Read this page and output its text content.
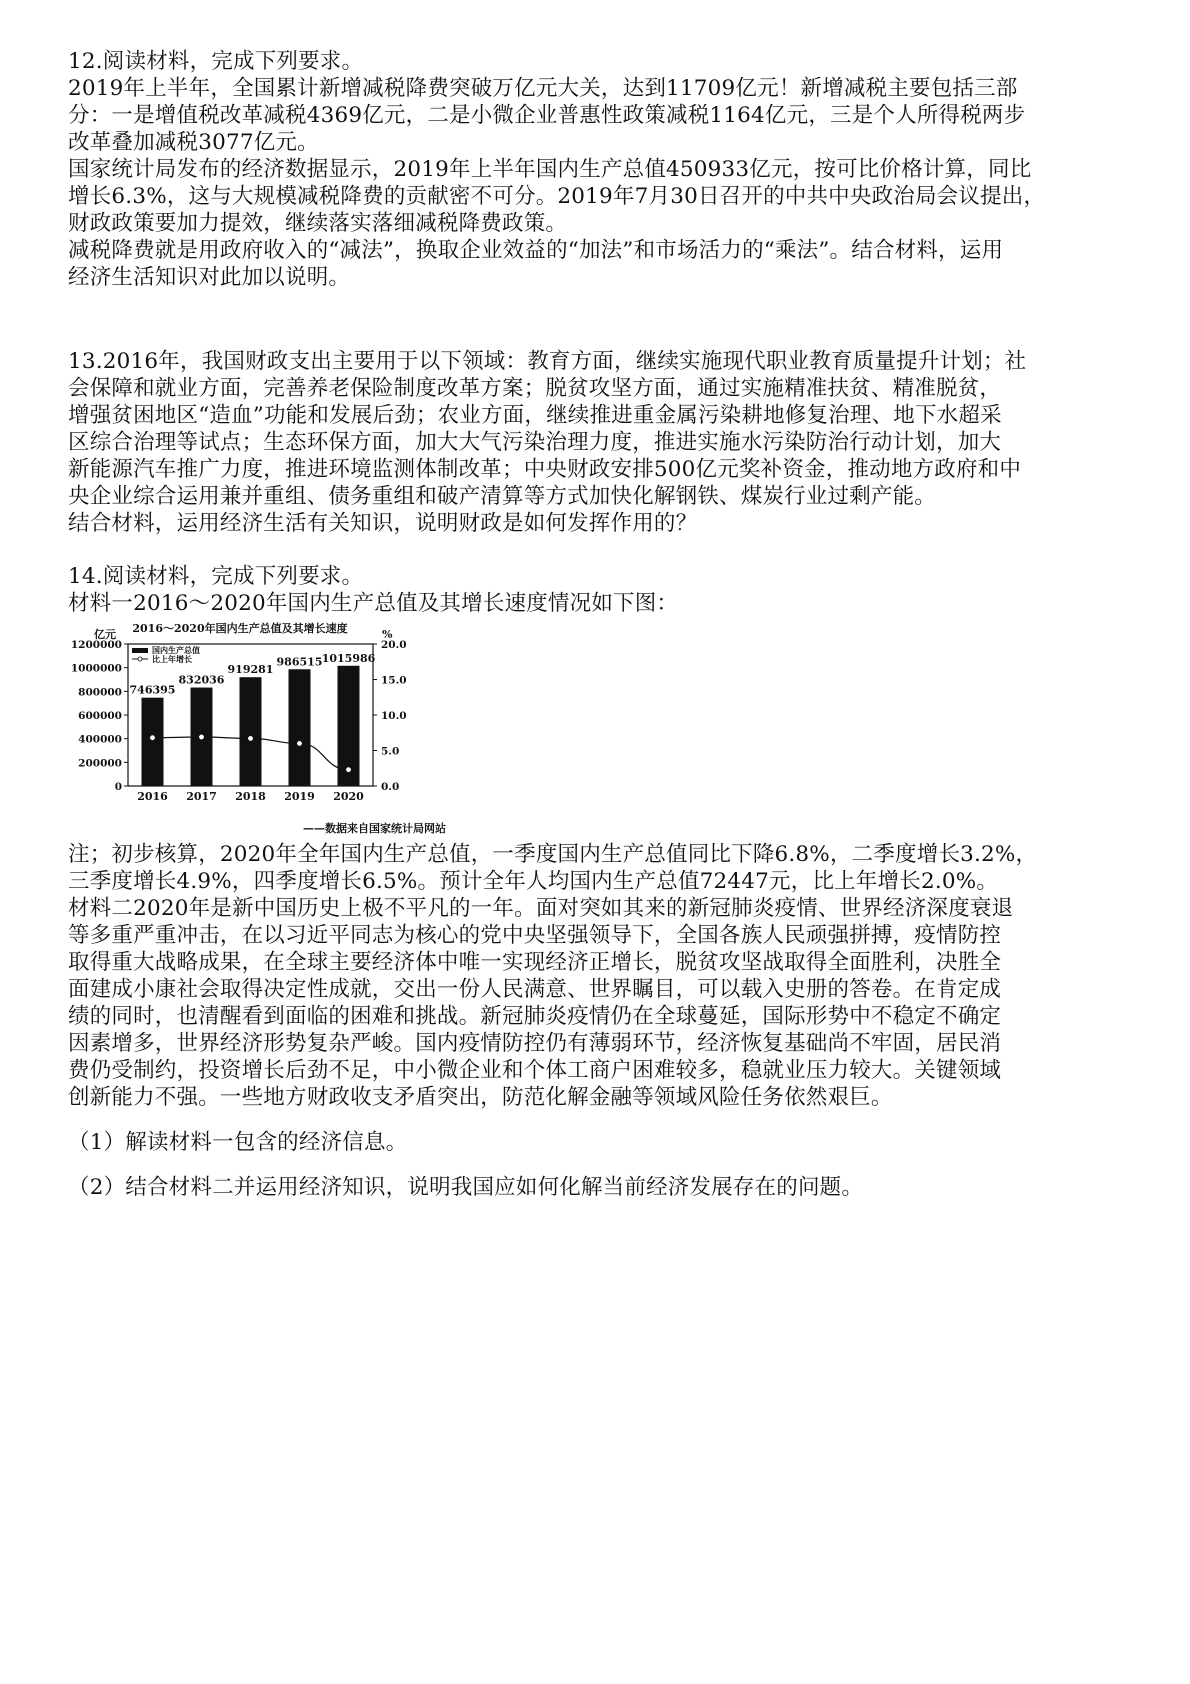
12.阅读材料，完成下列要求。
2019年上半年，全国累计新增减税降费突破万亿元大关，达到11709亿元！新增减税主要包括三部
分：一是增值税改革减税4369亿元，二是小微企业普惠性政策减税1164亿元，三是个人所得税两步
改革叠加减税3077亿元。
国家统计局发布的经济数据显示，2019年上半年国内生产总值450933亿元，按可比价格计算，同比
增长6.3%，这与大规模减税降费的贡献密不可分。2019年7月30日召开的中共中央政治局会议提出，
财政政策要加力提效，继续落实落细减税降费政策。
减税降费就是用政府收入的“减法”，换取企业效益的“加法”和市场活力的“乘法”。结合材料，运用
经济生活知识对此加以说明。
13.2016年，我国财政支出主要用于以下领域：教育方面，继续实施现代职业教育质量提升计划；社
会保障和就业方面，完善养老保险制度改革方案；脱贫攻坚方面，通过实施精准扶贫、精准脱贫，
增强贫困地区“造血”功能和发展后劲；农业方面，继续推进重金属污染耕地修复治理、地下水超采
区综合治理等试点；生态环保方面，加大大气污染治理力度，推进实施水污染防治行动计划，加大
新能源汽车推广力度，推进环境监测体制改革；中央财政安排500亿元奖补资金，推动地方政府和中
央企业综合运用兼并重组、债务重组和破产清算等方式加快化解钢铁、煤炭行业过剩产能。
结合材料，运用经济生活有关知识，说明财政是如何发挥作用的？
14.阅读材料，完成下列要求。
材料一2016～2020年国内生产总值及其增长速度情况如下图：
2016～2020年国内生产总值及其增长速度
亿元	%
0
200000
400000
600000
800000
1000000
1200000
0.0
5.0
10.0
15.0
20.0
746395
832036
919281
986515 1015986
2016 2017 2018 2019 2020
国内生产总值
比上年增长
——数据来自国家统计局网站
注；初步核算，2020年全年国内生产总值，一季度国内生产总值同比下降6.8%，二季度增长3.2%，
三季度增长4.9%，四季度增长6.5%。预计全年人均国内生产总值72447元，比上年增长2.0%。
材料二2020年是新中国历史上极不平凡的一年。面对突如其来的新冠肺炎疫情、世界经济深度衰退
等多重严重冲击，在以习近平同志为核心的党中央坚强领导下，全国各族人民顽强拼搏，疫情防控
取得重大战略成果，在全球主要经济体中唯一实现经济正增长，脱贫攻坚战取得全面胜利，决胜全
面建成小康社会取得决定性成就，交出一份人民满意、世界瞩目，可以载入史册的答卷。在肯定成
绩的同时，也清醒看到面临的困难和挑战。新冠肺炎疫情仍在全球蔓延，国际形势中不稳定不确定
因素增多，世界经济形势复杂严峻。国内疫情防控仍有薄弱环节，经济恢复基础尚不牢固，居民消
费仍受制约，投资增长后劲不足，中小微企业和个体工商户困难较多，稳就业压力较大。关键领域
创新能力不强。一些地方财政收支矛盾突出，防范化解金融等领域风险任务依然艰巨。
（1）解读材料一包含的经济信息。
（2）结合材料二并运用经济知识，说明我国应如何化解当前经济发展存在的问题。
